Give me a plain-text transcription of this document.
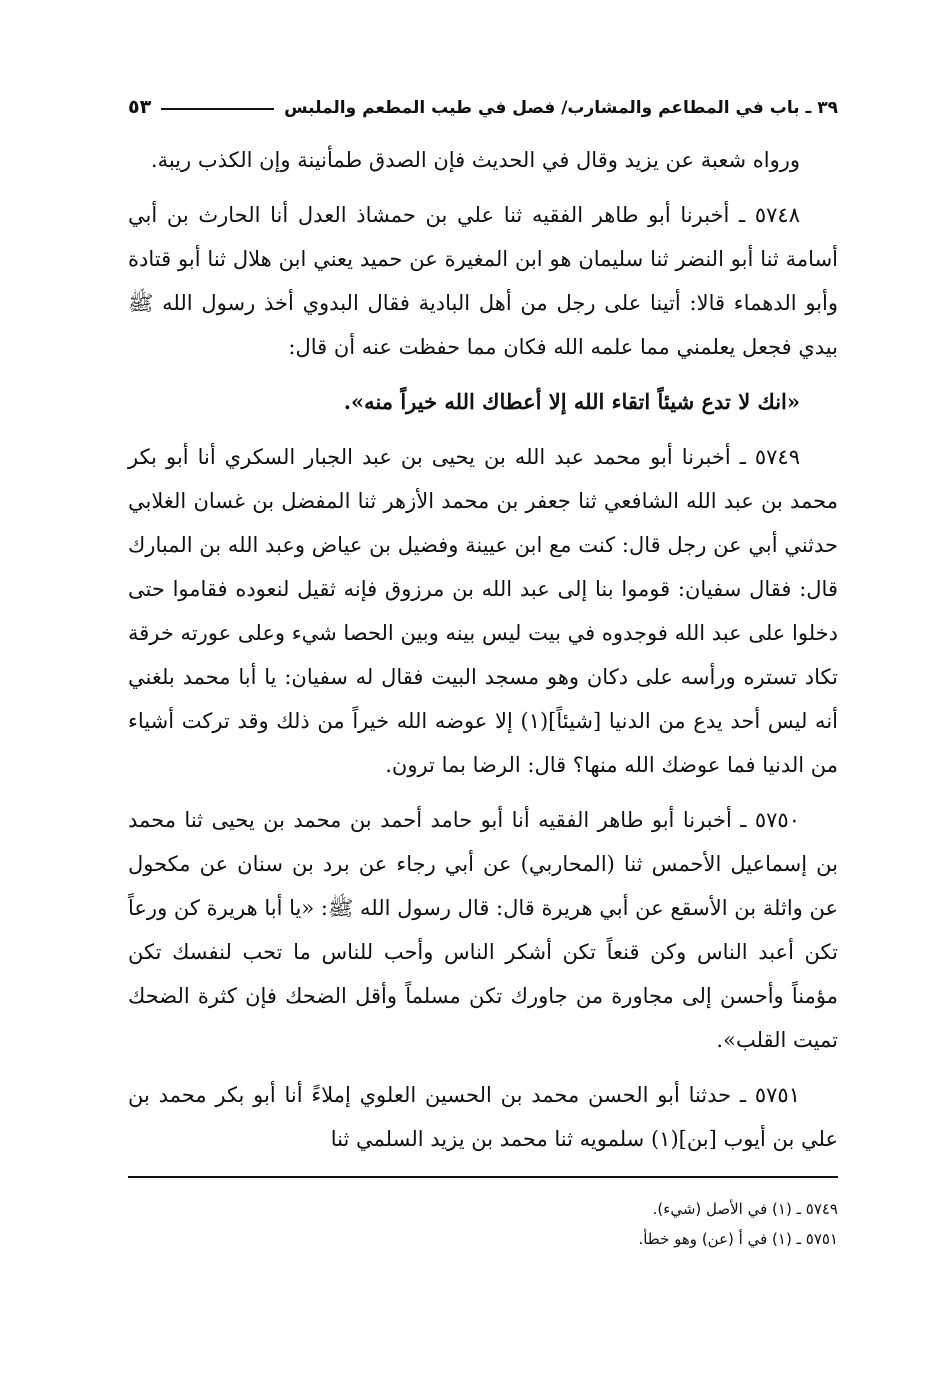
٣٩ ـ باب في المطاعم والمشارب/ فصل في طيب المطعم والملبس
٥٣

ورواه شعبة عن يزيد وقال في الحديث فإن الصدق طمأنينة وإن الكذب ريبة.

٥٧٤٨ ـ أخبرنا أبو طاهر الفقيه ثنا علي بن حمشاذ العدل أنا الحارث بن أبي أسامة ثنا أبو النضر ثنا سليمان هو ابن المغيرة عن حميد يعني ابن هلال ثنا أبو قتادة وأبو الدهماء قالا: أتينا على رجل من أهل البادية فقال البدوي أخذ رسول الله ﷺ بيدي فجعل يعلمني مما علمه الله فكان مما حفظت عنه أن قال:

«انك لا تدع شيئاً اتقاء الله إلا أعطاك الله خيراً منه».

٥٧٤٩ ـ أخبرنا أبو محمد عبد الله بن يحيى بن عبد الجبار السكري أنا أبو بكر محمد بن عبد الله الشافعي ثنا جعفر بن محمد الأزهر ثنا المفضل بن غسان الغلابي حدثني أبي عن رجل قال: كنت مع ابن عيينة وفضيل بن عياض وعبد الله بن المبارك قال: فقال سفيان: قوموا بنا إلى عبد الله بن مرزوق فإنه ثقيل لنعوده فقاموا حتى دخلوا على عبد الله فوجدوه في بيت ليس بينه وبين الحصا شيء وعلى عورته خرقة تكاد تستره ورأسه على دكان وهو مسجد البيت فقال له سفيان: يا أبا محمد بلغني أنه ليس أحد يدع من الدنيا [شيئاً](١) إلا عوضه الله خيراً من ذلك وقد تركت أشياء من الدنيا فما عوضك الله منها؟ قال: الرضا بما ترون.

٥٧٥٠ ـ أخبرنا أبو طاهر الفقيه أنا أبو حامد أحمد بن محمد بن يحيى ثنا محمد بن إسماعيل الأحمس ثنا (المحاربي) عن أبي رجاء عن برد بن سنان عن مكحول عن واثلة بن الأسقع عن أبي هريرة قال: قال رسول الله ﷺ: «يا أبا هريرة كن ورعاً تكن أعبد الناس وكن قنعاً تكن أشكر الناس وأحب للناس ما تحب لنفسك تكن مؤمناً وأحسن إلى مجاورة من جاورك تكن مسلماً وأقل الضحك فإن كثرة الضحك تميت القلب».

٥٧٥١ ـ حدثنا أبو الحسن محمد بن الحسين العلوي إملاءً أنا أبو بكر محمد بن علي بن أيوب [بن](١) سلمويه ثنا محمد بن يزيد السلمي ثنا

٥٧٤٩ ـ (١) في الأصل (شيء).

٥٧٥١ ـ (١) في أ (عن) وهو خطأ.
